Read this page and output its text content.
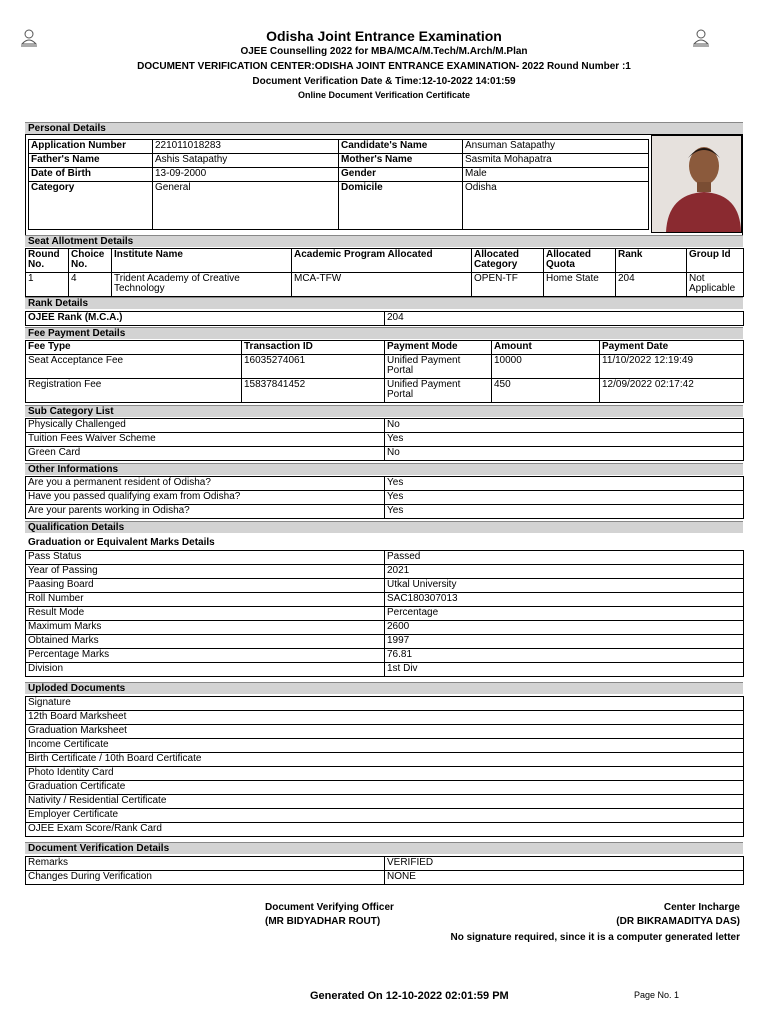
Odisha Joint Entrance Examination
OJEE Counselling 2022 for MBA/MCA/M.Tech/M.Arch/M.Plan
DOCUMENT VERIFICATION CENTER:ODISHA JOINT ENTRANCE EXAMINATION- 2022 Round Number :1
Document Verification Date & Time:12-10-2022 14:01:59
Online Document Verification Certificate
Personal Details
Application Number	221011018283	Candidate's Name	Ansuman Satapathy
Father's Name	Ashis Satapathy	Mother's Name	Sasmita Mohapatra
Date of Birth	13-09-2000	Gender	Male
Category	General	Domicile	Odisha
Seat Allotment Details
Round No.	Choice No.	Institute Name	Academic Program Allocated	Allocated Category	Allocated Quota	Rank	Group Id
1	4	Trident Academy of Creative Technology	MCA-TFW	OPEN-TF	Home State	204	Not Applicable
Rank Details
OJEE Rank (M.C.A.)	204
Fee Payment Details
Fee Type	Transaction ID	Payment Mode	Amount	Payment Date
Seat Acceptance Fee	16035274061	Unified Payment Portal	10000	11/10/2022 12:19:49
Registration Fee	15837841452	Unified Payment Portal	450	12/09/2022 02:17:42
Sub Category List
Physically Challenged	No
Tuition Fees Waiver Scheme	Yes
Green Card	No
Other Informations
Are you a permanent resident of Odisha?	Yes
Have you passed qualifying exam from Odisha?	Yes
Are your parents working in Odisha?	Yes
Qualification Details
Graduation or Equivalent Marks Details
Pass Status	Passed
Year of Passing	2021
Paasing Board	Utkal University
Roll Number	SAC180307013
Result Mode	Percentage
Maximum Marks	2600
Obtained Marks	1997
Percentage Marks	76.81
Division	1st Div
Uploded Documents
Signature
12th Board Marksheet
Graduation Marksheet
Income Certificate
Birth Certificate / 10th Board Certificate
Photo Identity Card
Graduation Certificate
Nativity / Residential Certificate
Employer Certificate
OJEE Exam Score/Rank Card
Document Verification Details
Remarks	VERIFIED
Changes During Verification	NONE
Document Verifying Officer
(MR BIDYADHAR ROUT)
Center Incharge
(DR BIKRAMADITYA DAS)
No signature required, since it is a computer generated letter
Generated On 12-10-2022 02:01:59 PM	Page No. 1
